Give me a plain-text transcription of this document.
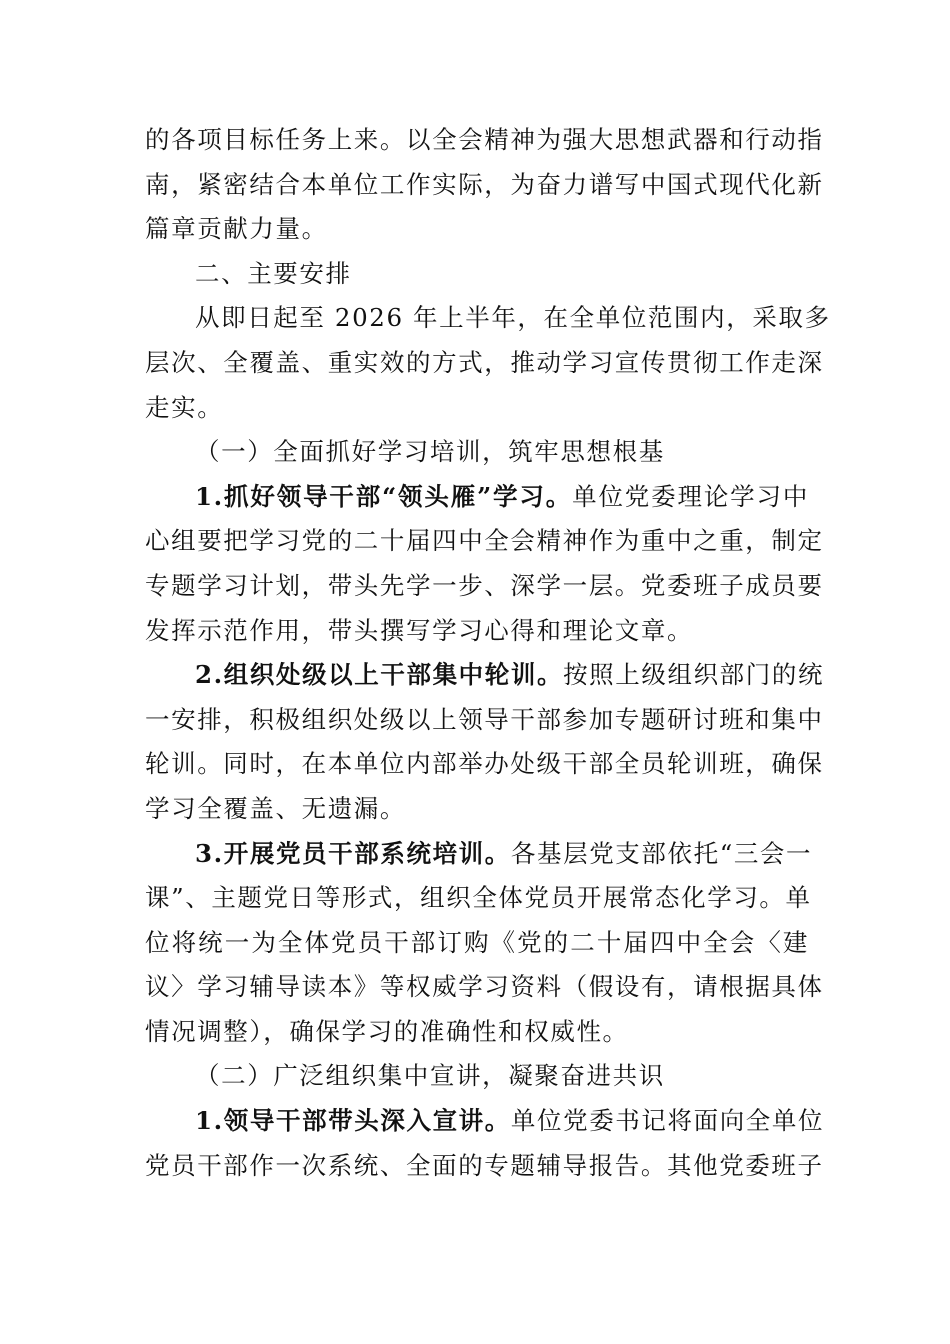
的各项目标任务上来。以全会精神为强大思想武器和行动指
南，紧密结合本单位工作实际，为奋力谱写中国式现代化新
篇章贡献力量。
二、主要安排
从即日起至 2026 年上半年，在全单位范围内，采取多
层次、全覆盖、重实效的方式，推动学习宣传贯彻工作走深
走实。
（一）全面抓好学习培训，筑牢思想根基
1.抓好领导干部“领头雁”学习。单位党委理论学习中
心组要把学习党的二十届四中全会精神作为重中之重，制定
专题学习计划，带头先学一步、深学一层。党委班子成员要
发挥示范作用，带头撰写学习心得和理论文章。
2.组织处级以上干部集中轮训。按照上级组织部门的统
一安排，积极组织处级以上领导干部参加专题研讨班和集中
轮训。同时，在本单位内部举办处级干部全员轮训班，确保
学习全覆盖、无遗漏。
3.开展党员干部系统培训。各基层党支部依托“三会一
课”、主题党日等形式，组织全体党员开展常态化学习。单
位将统一为全体党员干部订购《党的二十届四中全会〈建
议〉学习辅导读本》等权威学习资料（假设有，请根据具体
情况调整），确保学习的准确性和权威性。
（二）广泛组织集中宣讲，凝聚奋进共识
1.领导干部带头深入宣讲。单位党委书记将面向全单位
党员干部作一次系统、全面的专题辅导报告。其他党委班子
